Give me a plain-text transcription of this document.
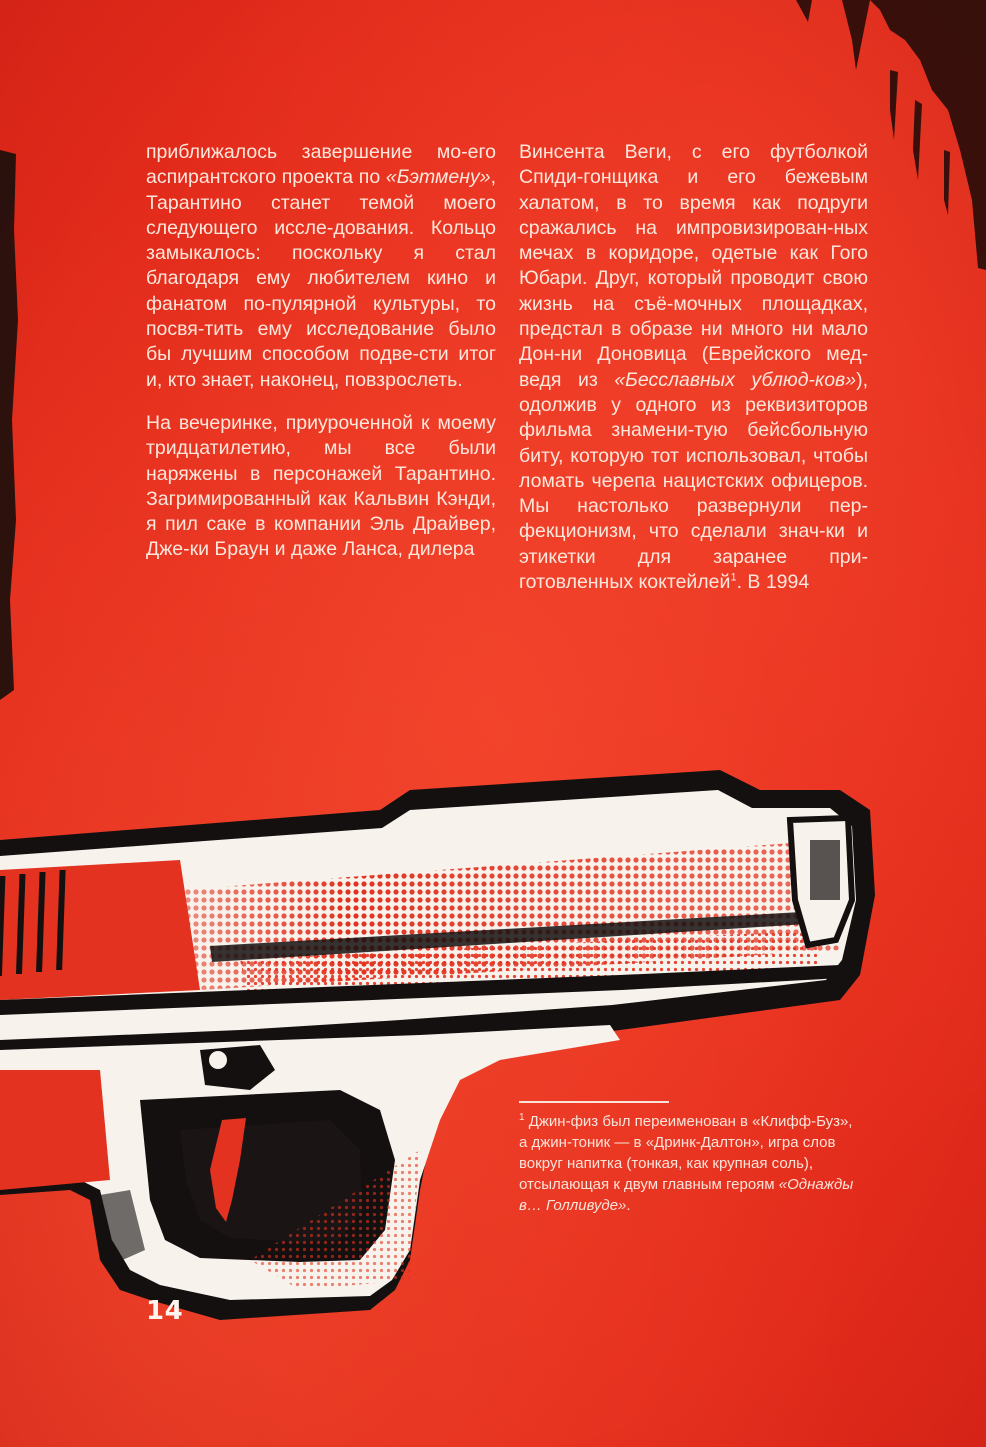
приближалось завершение мо-его аспирантского проекта по «Бэтмену», Тарантино станет темой моего следующего иссле-дования. Кольцо замыкалось: поскольку я стал благодаря ему любителем кино и фанатом по-пулярной культуры, то посвя-тить ему исследование было бы лучшим способом подве-сти итог и, кто знает, наконец, повзрослеть.

На вечеринке, приуроченной к моему тридцатилетию, мы все были наряжены в персонажей Тарантино. Загримированный как Кальвин Кэнди, я пил саке в компании Эль Драйвер, Дже-ки Браун и даже Ланса, дилера

Винсента Веги, с его футболкой Спиди-гонщика и его бежевым халатом, в то время как подруги сражались на импровизирован-ных мечах в коридоре, одетые как Гого Юбари. Друг, который проводит свою жизнь на съё-мочных площадках, предстал в образе ни много ни мало Дон-ни Доновица (Еврейского мед-ведя из «Бесславных ублюд-ков»), одолжив у одного из реквизиторов фильма знамени-тую бейсбольную биту, которую тот использовал, чтобы ломать черепа нацистских офицеров. Мы настолько развернули пер-фекционизм, что сделали знач-ки и этикетки для заранее при-готовленных коктейлей$^1$. В 1994

$^1$ Джин-физ был переименован в «Клифф-Буз», а джин-тоник — в «Дринк-Далтон», игра слов вокруг напитка (тонкая, как крупная соль), отсылающая к двум главным героям «Однажды в… Голливуде».
14
